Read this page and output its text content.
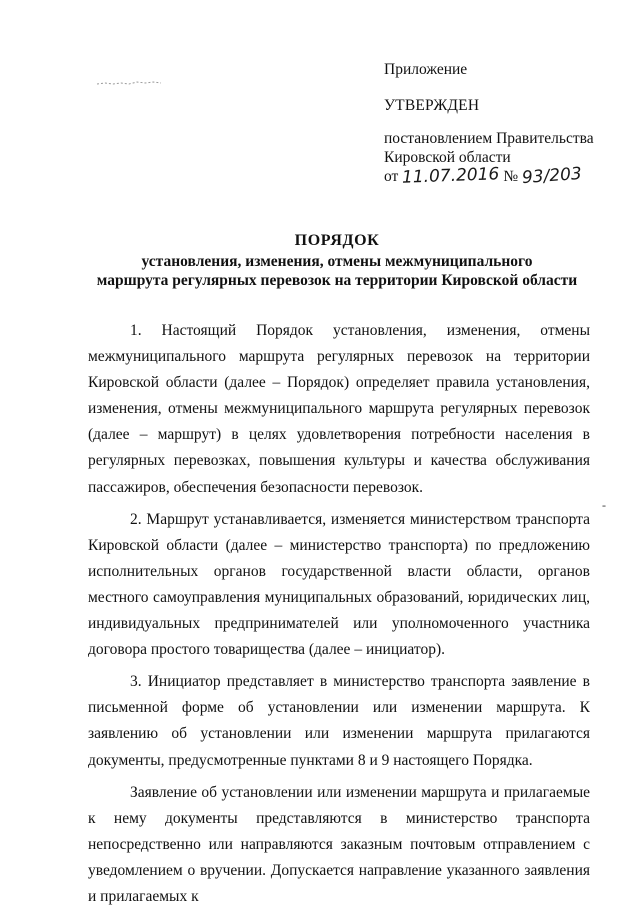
Приложение
УТВЕРЖДЕН
постановлением Правительства
Кировской области
от 11.07.2016 № 93/203
ПОРЯДОК
установления, изменения, отмены межмуниципального
маршрута регулярных перевозок на территории Кировской области

1. Настоящий Порядок установления, изменения, отмены межмуниципального маршрута регулярных перевозок на территории Кировской области (далее – Порядок) определяет правила установления, изменения, отмены межмуниципального маршрута регулярных перевозок (далее – маршрут) в целях удовлетворения потребности населения в регулярных перевозках, повышения культуры и качества обслуживания пассажиров, обеспечения безопасности перевозок.

2. Маршрут устанавливается, изменяется министерством транспорта Кировской области (далее – министерство транспорта) по предложению исполнительных органов государственной власти области, органов местного самоуправления муниципальных образований, юридических лиц, индивидуальных предпринимателей или уполномоченного участника договора простого товарищества (далее – инициатор).

3. Инициатор представляет в министерство транспорта заявление в письменной форме об установлении или изменении маршрута. К заявлению об установлении или изменении маршрута прилагаются документы, предусмотренные пунктами 8 и 9 настоящего Порядка.

Заявление об установлении или изменении маршрута и прилагаемые к нему документы представляются в министерство транспорта непосредственно или направляются заказным почтовым отправлением с уведомлением о вручении. Допускается направление указанного заявления и прилагаемых к

-
